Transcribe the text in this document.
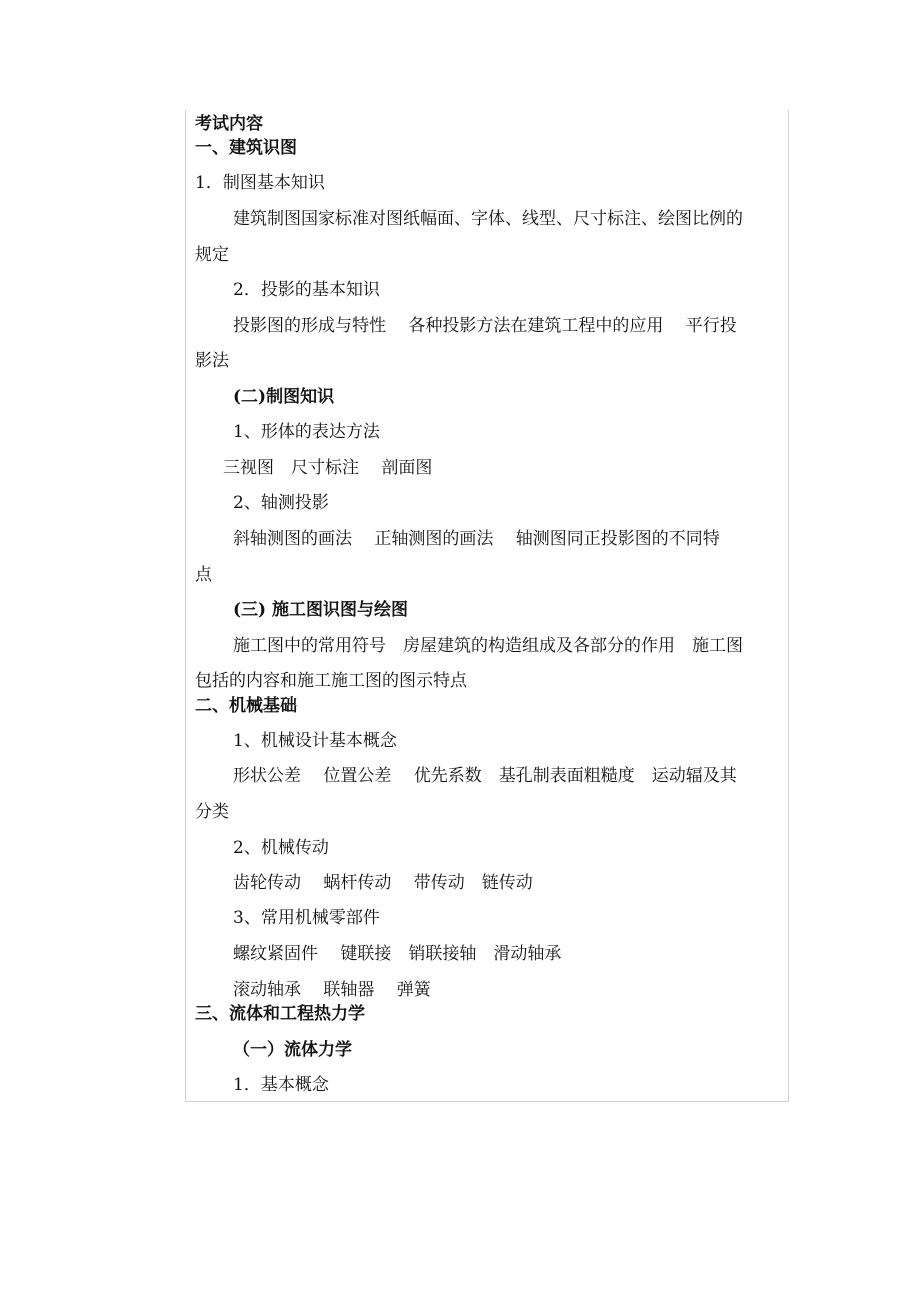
考试内容
一、建筑识图
1．制图基本知识
建筑制图国家标准对图纸幅面、字体、线型、尺寸标注、绘图比例的
规定
2．投影的基本知识
投影图的形成与特性 　各种投影方法在建筑工程中的应用 　平行投
影法
(二)制图知识
1、形体的表达方法
三视图　尺寸标注 　剖面图
2、轴测投影
斜轴测图的画法 　正轴测图的画法 　轴测图同正投影图的不同特
点
(三) 施工图识图与绘图
施工图中的常用符号　房屋建筑的构造组成及各部分的作用　施工图
包括的内容和施工施工图的图示特点
二、机械基础
1、机械设计基本概念
形状公差 　位置公差 　优先系数　基孔制表面粗糙度　运动辐及其
分类
2、机械传动
齿轮传动 　蜗杆传动 　带传动　链传动
3、常用机械零部件
螺纹紧固件 　键联接　销联接轴　滑动轴承
滚动轴承 　联轴器 　弹簧
三、流体和工程热力学
（一）流体力学
1．基本概念
